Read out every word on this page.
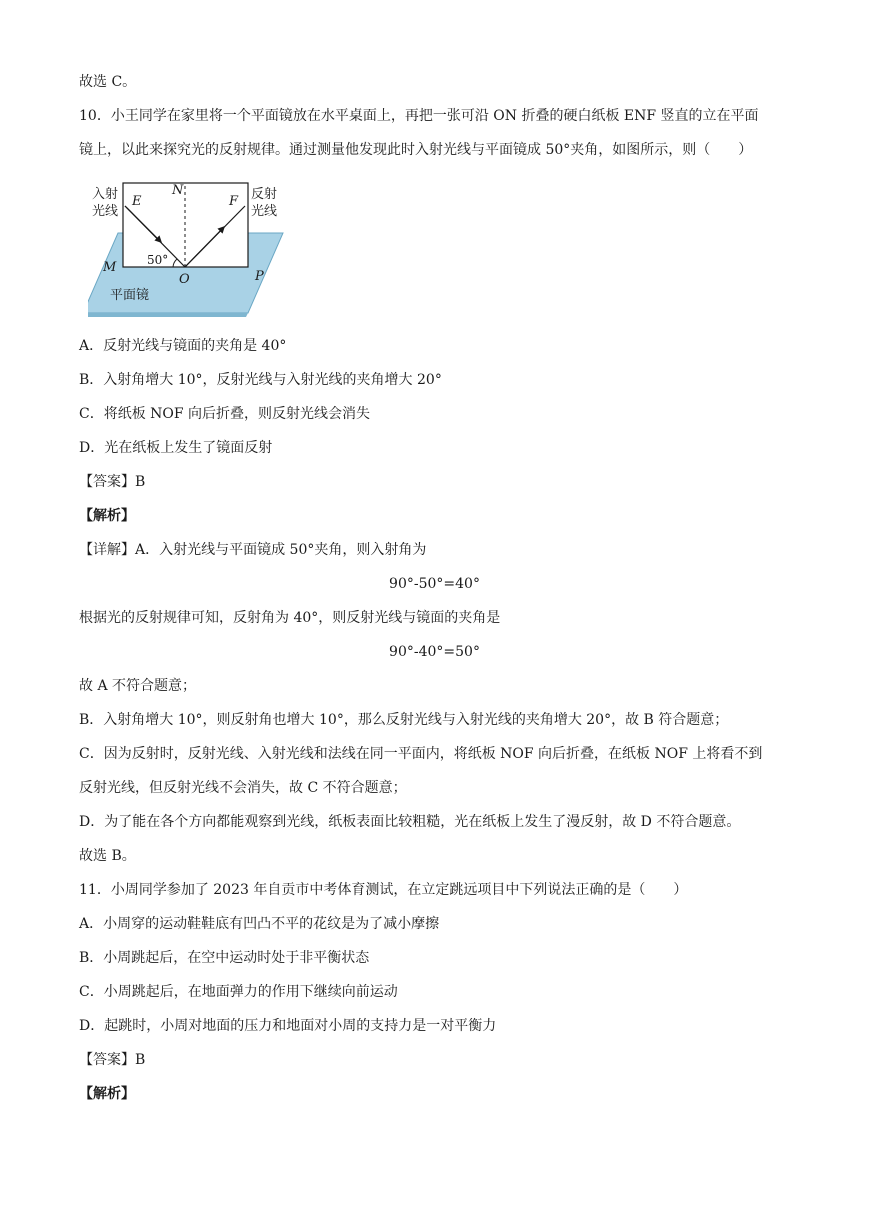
故选 C。
10．小王同学在家里将一个平面镜放在水平桌面上，再把一张可沿 ON 折叠的硬白纸板 ENF 竖直的立在平面
镜上，以此来探究光的反射规律。通过测量他发现此时入射光线与平面镜成 50°夹角，如图所示，则（　　）
入射
光线
反射
光线
E
N
F
M
O	P
50°
平面镜
A．反射光线与镜面的夹角是 40°
B．入射角增大 10°，反射光线与入射光线的夹角增大 20°
C．将纸板 NOF 向后折叠，则反射光线会消失
D．光在纸板上发生了镜面反射
【答案】B
【解析】
【详解】A．入射光线与平面镜成 50°夹角，则入射角为
90°-50°=40°
根据光的反射规律可知，反射角为 40°，则反射光线与镜面的夹角是
90°-40°=50°
故 A 不符合题意；
B．入射角增大 10°，则反射角也增大 10°，那么反射光线与入射光线的夹角增大 20°，故 B 符合题意；
C．因为反射时，反射光线、入射光线和法线在同一平面内，将纸板 NOF 向后折叠，在纸板 NOF 上将看不到
反射光线，但反射光线不会消失，故 C 不符合题意；
D．为了能在各个方向都能观察到光线，纸板表面比较粗糙，光在纸板上发生了漫反射，故 D 不符合题意。
故选 B。
11．小周同学参加了 2023 年自贡市中考体育测试，在立定跳远项目中下列说法正确的是（　　）
A．小周穿的运动鞋鞋底有凹凸不平的花纹是为了减小摩擦
B．小周跳起后，在空中运动时处于非平衡状态
C．小周跳起后，在地面弹力的作用下继续向前运动
D．起跳时，小周对地面的压力和地面对小周的支持力是一对平衡力
【答案】B
【解析】
